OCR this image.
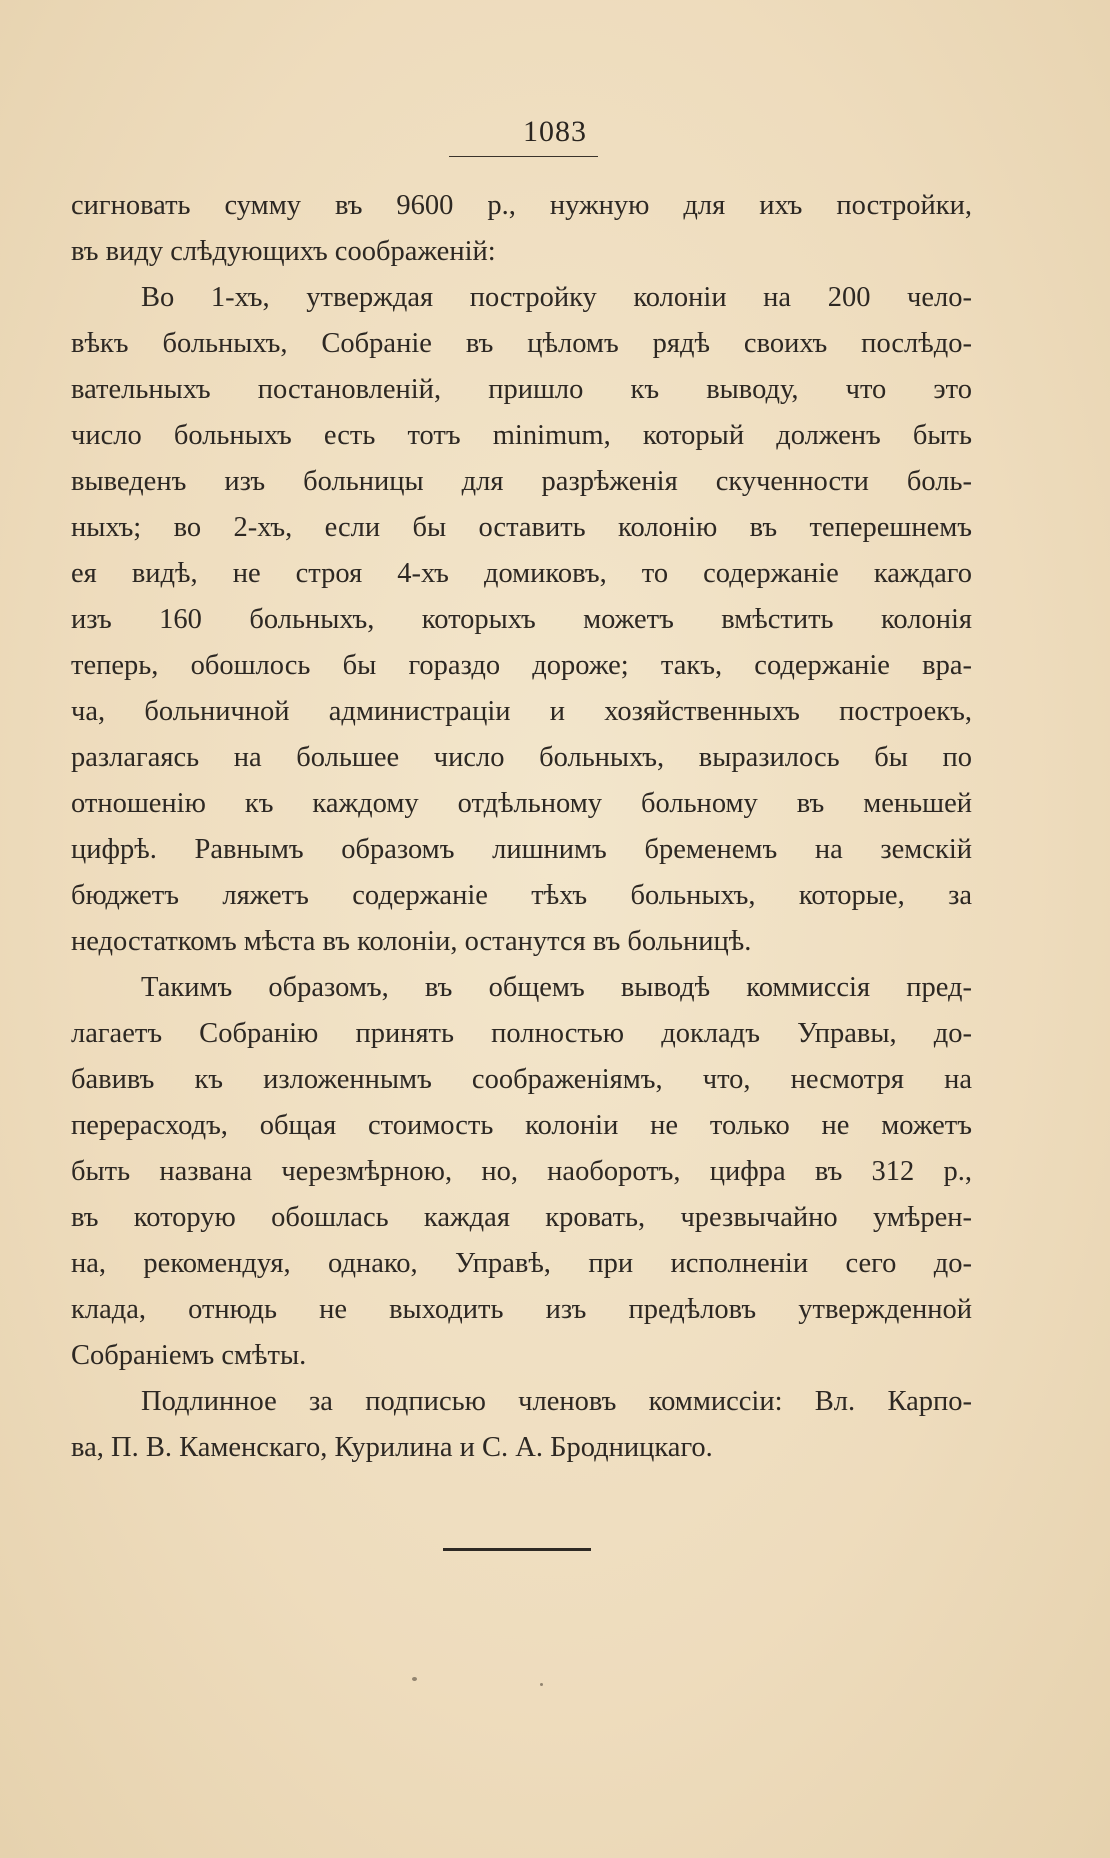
1083
сигновать сумму въ 9600 р., нужную для ихъ постройки,
въ виду слѣдующихъ соображеній:
Во 1-хъ, утверждая постройку колоніи на 200 чело-
вѣкъ больныхъ, Собраніе въ цѣломъ рядѣ своихъ послѣдо-
вательныхъ постановленій, пришло къ выводу, что это
число больныхъ есть тотъ minimum, который долженъ быть
выведенъ изъ больницы для разрѣженія скученности боль-
ныхъ; во 2-хъ, если бы оставить колонію въ теперешнемъ
ея видѣ, не строя 4-хъ домиковъ, то содержаніе каждаго
изъ 160 больныхъ, которыхъ можетъ вмѣстить колонія
теперь, обошлось бы гораздо дороже; такъ, содержаніе вра-
ча, больничной администраціи и хозяйственныхъ построекъ,
разлагаясь на большее число больныхъ, выразилось бы по
отношенію къ каждому отдѣльному больному въ меньшей
цифрѣ. Равнымъ образомъ лишнимъ бременемъ на земскій
бюджетъ ляжетъ содержаніе тѣхъ больныхъ, которые, за
недостаткомъ мѣста въ колоніи, останутся въ больницѣ.
Такимъ образомъ, въ общемъ выводѣ коммиссія пред-
лагаетъ Собранію принять полностью докладъ Управы, до-
бавивъ къ изложеннымъ соображеніямъ, что, несмотря на
перерасходъ, общая стоимость колоніи не только не можетъ
быть названа черезмѣрною, но, наоборотъ, цифра въ 312 р.,
въ которую обошлась каждая кровать, чрезвычайно умѣрен-
на, рекомендуя, однако, Управѣ, при исполненіи сего до-
клада, отнюдь не выходить изъ предѣловъ утвержденной
Собраніемъ смѣты.
Подлинное за подписью членовъ коммиссіи: Вл. Карпо-
ва, П. В. Каменскаго, Курилина и С. А. Бродницкаго.
